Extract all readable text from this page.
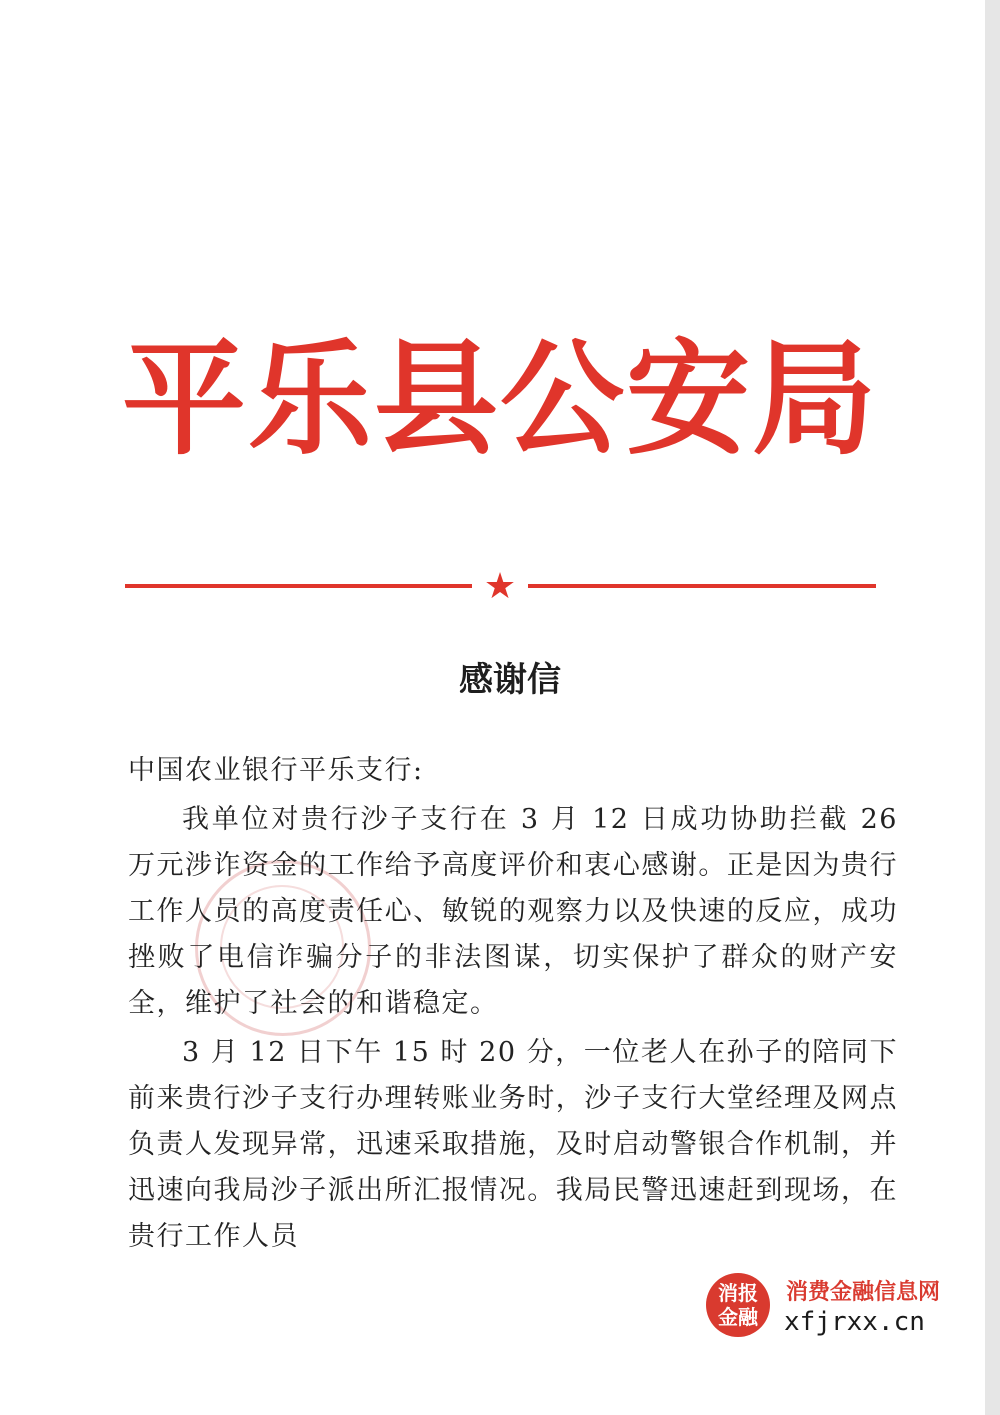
平乐县公安局
★
感谢信

中国农业银行平乐支行:

我单位对贵行沙子支行在 3 月 12 日成功协助拦截 26 万元涉诈资金的工作给予高度评价和衷心感谢。正是因为贵行工作人员的高度责任心、敏锐的观察力以及快速的反应，成功挫败了电信诈骗分子的非法图谋，切实保护了群众的财产安全，维护了社会的和谐稳定。

3 月 12 日下午 15 时 20 分，一位老人在孙子的陪同下前来贵行沙子支行办理转账业务时，沙子支行大堂经理及网点负责人发现异常，迅速采取措施，及时启动警银合作机制，并迅速向我局沙子派出所汇报情况。我局民警迅速赶到现场，在贵行工作人员

消报
金融
消费金融信息网
xfjrxx.cn
